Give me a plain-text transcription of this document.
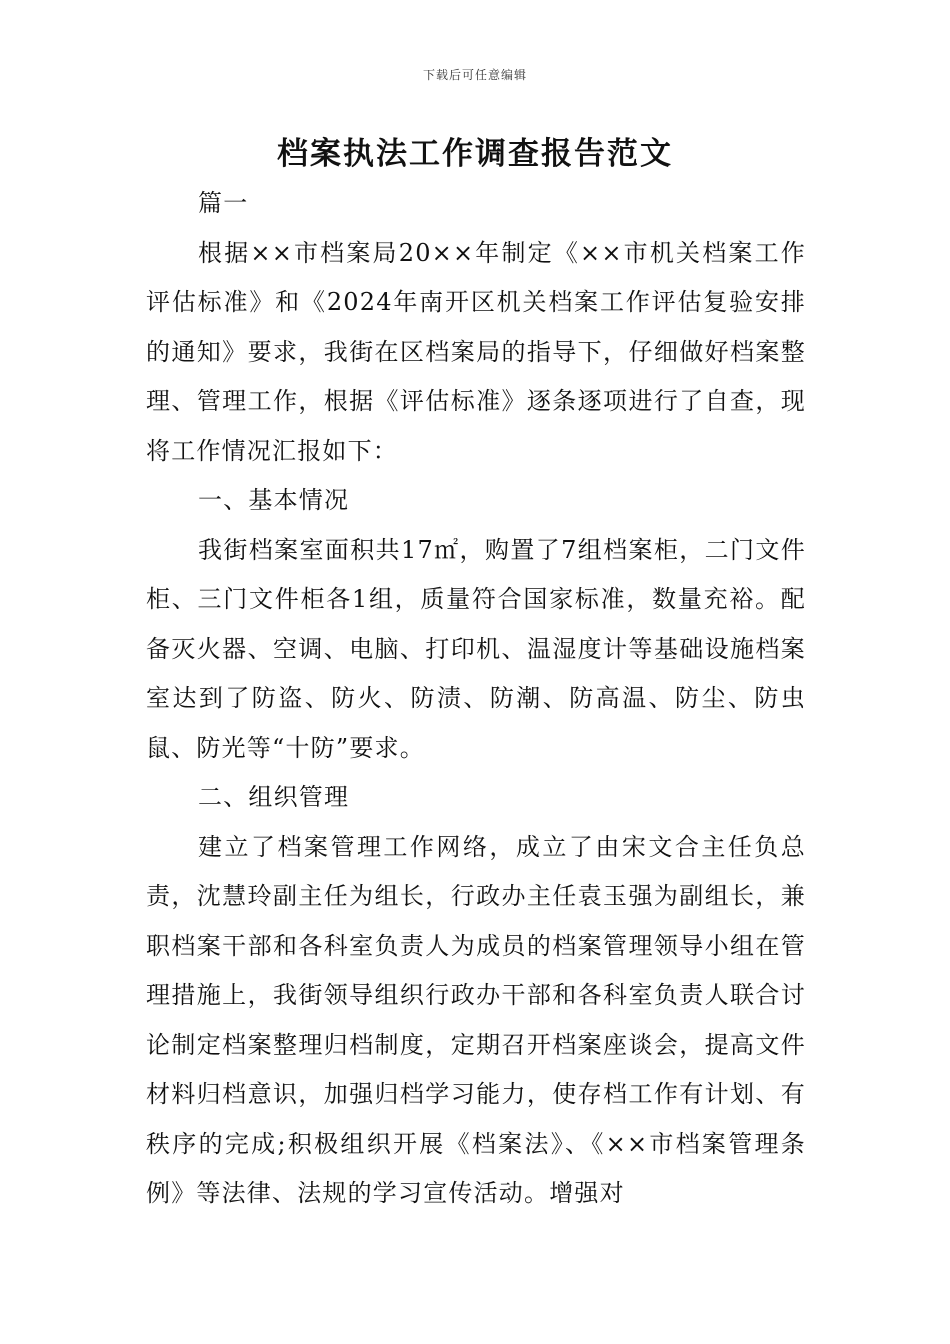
下载后可任意编辑
档案执法工作调查报告范文

篇一

根据××市档案局20××年制定《××市机关档案工作评估标准》和《2024年南开区机关档案工作评估复验安排的通知》要求，我街在区档案局的指导下，仔细做好档案整理、管理工作，根据《评估标准》逐条逐项进行了自查，现将工作情况汇报如下：

一、基本情况

我街档案室面积共17㎡，购置了7组档案柜，二门文件柜、三门文件柜各1组，质量符合国家标准，数量充裕。配备灭火器、空调、电脑、打印机、温湿度计等基础设施档案室达到了防盗、防火、防渍、防潮、防高温、防尘、防虫鼠、防光等“十防”要求。

二、组织管理

建立了档案管理工作网络，成立了由宋文合主任负总责，沈慧玲副主任为组长，行政办主任袁玉强为副组长，兼职档案干部和各科室负责人为成员的档案管理领导小组在管理措施上，我街领导组织行政办干部和各科室负责人联合讨论制定档案整理归档制度，定期召开档案座谈会，提高文件材料归档意识，加强归档学习能力，使存档工作有计划、有秩序的完成;积极组织开展《档案法》、《××市档案管理条例》等法律、法规的学习宣传活动。增强对
